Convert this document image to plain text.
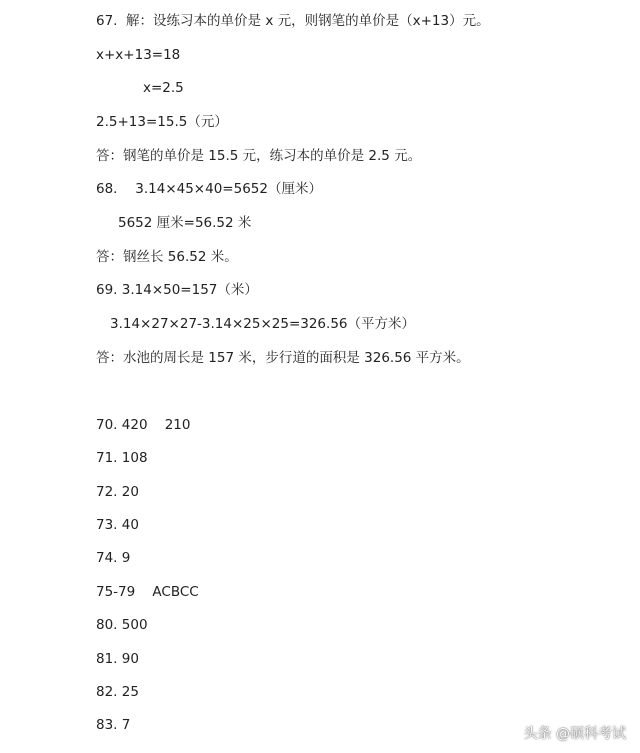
67.  解：设练习本的单价是 x 元，则钢笔的单价是（x+13）元。
x+x+13=18
x=2.5
2.5+13=15.5（元）
答：钢笔的单价是 15.5 元，练习本的单价是 2.5 元。
68．  3.14×45×40=5652（厘米）
5652 厘米=56.52 米
答：钢丝长 56.52 米。
69. 3.14×50=157（米）
3.14×27×27-3.14×25×25=326.56（平方米）
答：水池的周长是 157 米，步行道的面积是 326.56 平方米。
70. 420    210
71. 108
72. 20
73. 40
74. 9
75-79    ACBCC
80. 500
81. 90
82. 25
83. 7
头条 @硕科考试
